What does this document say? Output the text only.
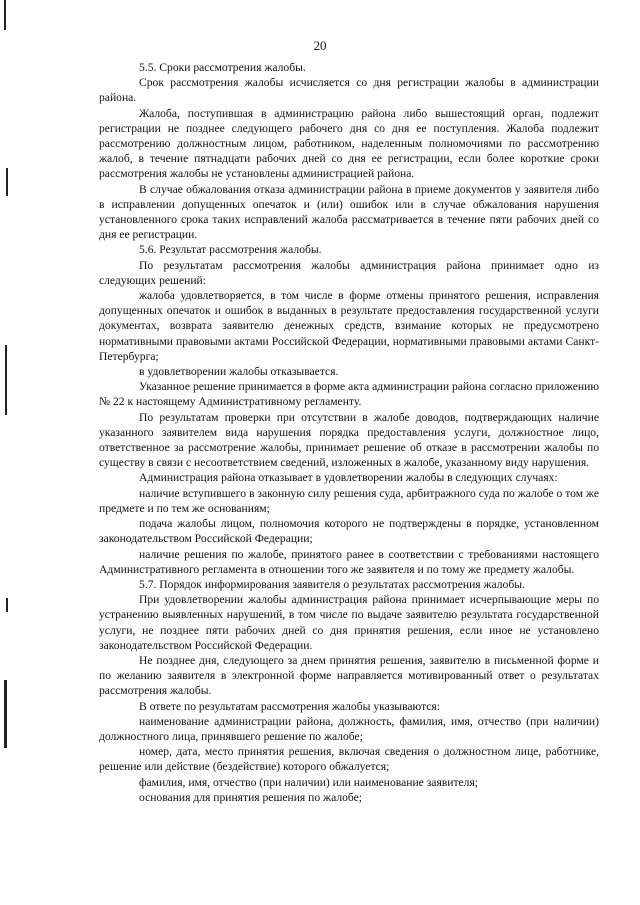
20

5.5. Сроки рассмотрения жалобы.

Срок рассмотрения жалобы исчисляется со дня регистрации жалобы в администрации района.

Жалоба, поступившая в администрацию района либо вышестоящий орган, подлежит регистрации не позднее следующего рабочего дня со дня ее поступления. Жалоба подлежит рассмотрению должностным лицом, работником, наделенным полномочиями по рассмотрению жалоб, в течение пятнадцати рабочих дней со дня ее регистрации, если более короткие сроки рассмотрения жалобы не установлены администрацией района.

В случае обжалования отказа администрации района в приеме документов у заявителя либо в исправлении допущенных опечаток и (или) ошибок или в случае обжалования нарушения установленного срока таких исправлений жалоба рассматривается в течение пяти рабочих дней со дня ее регистрации.

5.6. Результат рассмотрения жалобы.

По результатам рассмотрения жалобы администрация района принимает одно из следующих решений:

жалоба удовлетворяется, в том числе в форме отмены принятого решения, исправления допущенных опечаток и ошибок в выданных в результате предоставления государственной услуги документах, возврата заявителю денежных средств, взимание которых не предусмотрено нормативными правовыми актами Российской Федерации, нормативными правовыми актами Санкт-Петербурга;

в удовлетворении жалобы отказывается.

Указанное решение принимается в форме акта администрации района согласно приложению № 22 к настоящему Административному регламенту.

По результатам проверки при отсутствии в жалобе доводов, подтверждающих наличие указанного заявителем вида нарушения порядка предоставления услуги, должностное лицо, ответственное за рассмотрение жалобы, принимает решение об отказе в рассмотрении жалобы по существу в связи с несоответствием сведений, изложенных в жалобе, указанному виду нарушения.

Администрация района отказывает в удовлетворении жалобы в следующих случаях:

наличие вступившего в законную силу решения суда, арбитражного суда по жалобе о том же предмете и по тем же основаниям;

подача жалобы лицом, полномочия которого не подтверждены в порядке, установленном законодательством Российской Федерации;

наличие решения по жалобе, принятого ранее в соответствии с требованиями настоящего Административного регламента в отношении того же заявителя и по тому же предмету жалобы.

5.7. Порядок информирования заявителя о результатах рассмотрения жалобы.

При удовлетворении жалобы администрация района принимает исчерпывающие меры по устранению выявленных нарушений, в том числе по выдаче заявителю результата государственной услуги, не позднее пяти рабочих дней со дня принятия решения, если иное не установлено законодательством Российской Федерации.

Не позднее дня, следующего за днем принятия решения, заявителю в письменной форме и по желанию заявителя в электронной форме направляется мотивированный ответ о результатах рассмотрения жалобы.

В ответе по результатам рассмотрения жалобы указываются:

наименование администрации района, должность, фамилия, имя, отчество (при наличии) должностного лица, принявшего решение по жалобе;

номер, дата, место принятия решения, включая сведения о должностном лице, работнике, решение или действие (бездействие) которого обжалуется;

фамилия, имя, отчество (при наличии) или наименование заявителя;

основания для принятия решения по жалобе;
